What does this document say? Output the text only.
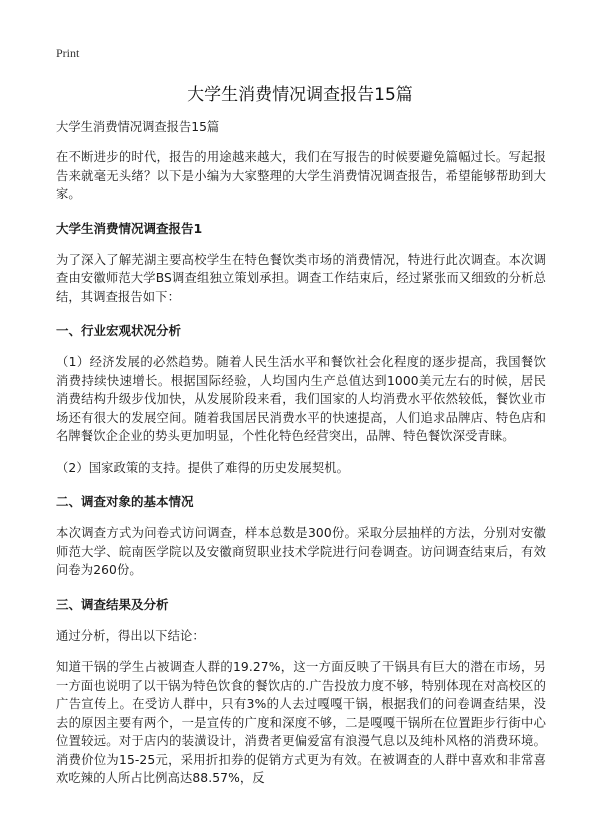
Print
大学生消费情况调查报告15篇
大学生消费情况调查报告15篇
在不断进步的时代，报告的用途越来越大，我们在写报告的时候要避免篇幅过长。写起报告来就毫无头绪？以下是小编为大家整理的大学生消费情况调查报告，希望能够帮助到大家。
大学生消费情况调查报告1
为了深入了解芜湖主要高校学生在特色餐饮类市场的消费情况，特进行此次调查。本次调查由安徽师范大学BS调查组独立策划承担。调查工作结束后，经过紧张而又细致的分析总结，其调查报告如下：
一、行业宏观状况分析
（1）经济发展的必然趋势。随着人民生活水平和餐饮社会化程度的逐步提高，我国餐饮消费持续快速增长。根据国际经验，人均国内生产总值达到1000美元左右的时候，居民消费结构升级步伐加快，从发展阶段来看，我们国家的人均消费水平依然较低，餐饮业市场还有很大的发展空间。随着我国居民消费水平的快速提高，人们追求品牌店、特色店和名牌餐饮企企业的势头更加明显，个性化特色经营突出，品牌、特色餐饮深受青睐。
（2）国家政策的支持。提供了难得的历史发展契机。
二、调查对象的基本情况
本次调查方式为问卷式访问调查，样本总数是300份。采取分层抽样的方法，分别对安徽师范大学、皖南医学院以及安徽商贸职业技术学院进行问卷调查。访问调查结束后，有效问卷为260份。
三、调查结果及分析
通过分析，得出以下结论：
知道干锅的学生占被调查人群的19.27%，这一方面反映了干锅具有巨大的潜在市场，另一方面也说明了以干锅为特色饮食的餐饮店的.广告投放力度不够，特别体现在对高校区的广告宣传上。在受访人群中，只有3%的人去过嘎嘎干锅，根据我们的问卷调查结果，没去的原因主要有两个，一是宣传的广度和深度不够，二是嘎嘎干锅所在位置距步行街中心位置较远。对于店内的装潢设计，消费者更偏爱富有浪漫气息以及纯朴风格的消费环境。消费价位为15-25元，采用折扣券的促销方式更为有效。在被调查的人群中喜欢和非常喜欢吃辣的人所占比例高达88.57%，反
